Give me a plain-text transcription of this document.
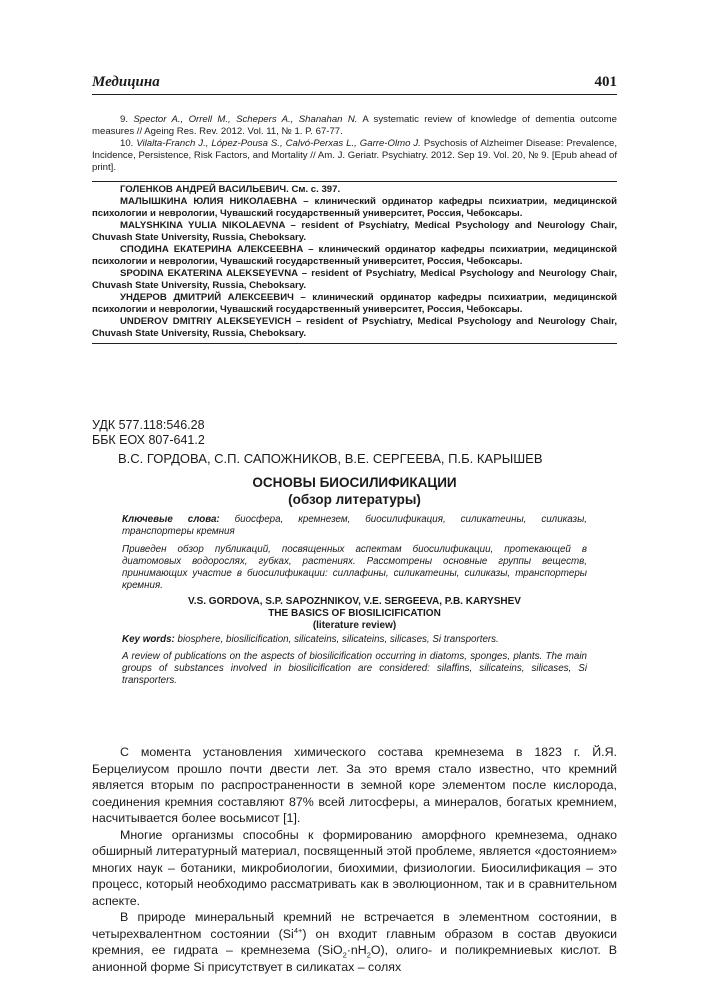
Медицина	401

9. Spector A., Orrell M., Schepers A., Shanahan N. A systematic review of knowledge of dementia outcome measures // Ageing Res. Rev. 2012. Vol. 11, № 1. P. 67-77.

10. Vilalta-Franch J., López-Pousa S., Calvó-Perxas L., Garre-Olmo J. Psychosis of Alzheimer Disease: Prevalence, Incidence, Persistence, Risk Factors, and Mortality // Am. J. Geriatr. Psychiatry. 2012. Sep 19. Vol. 20, № 9. [Epub ahead of print].

ГОЛЕНКОВ АНДРЕЙ ВАСИЛЬЕВИЧ. См. с. 397.

МАЛЫШКИНА ЮЛИЯ НИКОЛАЕВНА – клинический ординатор кафедры психиатрии, медицинской психологии и неврологии, Чувашский государственный университет, Россия, Чебоксары.

MALYSHKINA YULIA NIKOLAEVNA – resident of Psychiatry, Medical Psychology and Neurology Chair, Chuvash State University, Russia, Cheboksary.

СПОДИНА ЕКАТЕРИНА АЛЕКСЕЕВНА – клинический ординатор кафедры психиатрии, медицинской психологии и неврологии, Чувашский государственный университет, Россия, Чебоксары.

SPODINA EKATERINA ALEKSEYEVNA – resident of Psychiatry, Medical Psychology and Neurology Chair, Chuvash State University, Russia, Cheboksary.

УНДЕРОВ ДМИТРИЙ АЛЕКСЕЕВИЧ – клинический ординатор кафедры психиатрии, медицинской психологии и неврологии, Чувашский государственный университет, Россия, Чебоксары.

UNDEROV DMITRIY ALEKSEYEVICH – resident of Psychiatry, Medical Psychology and Neurology Chair, Chuvash State University, Russia, Cheboksary.

УДК 577.118:546.28
ББК ЕОХ 807-641.2
В.С. ГОРДОВА, С.П. САПОЖНИКОВ, В.Е. СЕРГЕЕВА, П.Б. КАРЫШЕВ
ОСНОВЫ БИОСИЛИФИКАЦИИ
(обзор литературы)

Ключевые слова: биосфера, кремнезем, биосилификация, силикатеины, силиказы, транспортеры кремния

Приведен обзор публикаций, посвященных аспектам биосилификации, протекающей в диатомовых водорослях, губках, растениях. Рассмотрены основные группы веществ, принимающих участие в биосилификации: силлафины, силикатеины, силиказы, транспортеры кремния.

V.S. GORDOVA, S.P. SAPOZHNIKOV, V.E. SERGEEVA, P.B. KARYSHEV
THE BASICS OF BIOSILICIFICATION
(literature review)

Key words: biosphere, biosilicification, silicateins, silicateins, silicases, Si transporters.

A review of publications on the aspects of biosilicification occurring in diatoms, sponges, plants. The main groups of substances involved in biosilicification are considered: silaffins, silicateins, silicases, Si transporters.

С момента установления химического состава кремнезема в 1823 г. Й.Я. Берцелиусом прошло почти двести лет. За это время стало известно, что кремний является вторым по распространенности в земной коре элементом после кислорода, соединения кремния составляют 87% всей литосферы, а минералов, богатых кремнием, насчитывается более восьмисот [1].

Многие организмы способны к формированию аморфного кремнезема, однако обширный литературный материал, посвященный этой проблеме, является «достоянием» многих наук – ботаники, микробиологии, биохимии, физиологии. Биосилификация – это процесс, который необходимо рассматривать как в эволюционном, так и в сравнительном аспекте.

В природе минеральный кремний не встречается в элементном состоянии, в четырехвалентном состоянии $(Si^{4+})$ он входит главным образом в состав двуокиси кремния, ее гидрата – кремнезема $(SiO_2\cdot nH_2O)$, олиго- и поликремниевых кислот. В анионной форме Si присутствует в силикатах – солях
